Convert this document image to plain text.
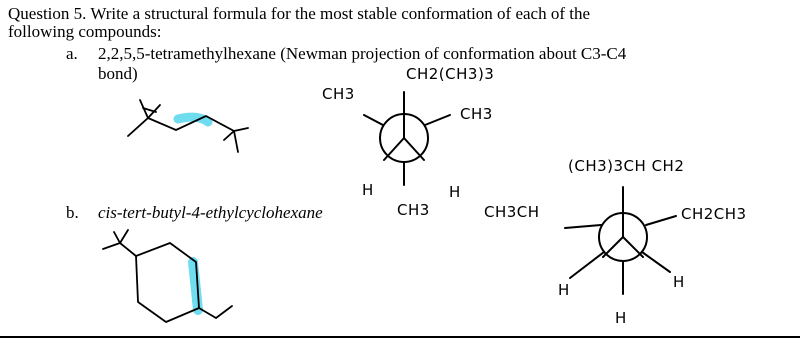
Question 5. Write a structural formula for the most stable conformation of each of the
following compounds:
a. 2,2,5,5-tetramethylhexane (Newman projection of conformation about C3-C4
bond)
b. cis-tert-butyl-4-ethylcyclohexane
CH3
CH2(CH3)3
CH3
H	H
CH3
(CH3)3CH CH2
CH3CH	CH2CH3
H	H
H
